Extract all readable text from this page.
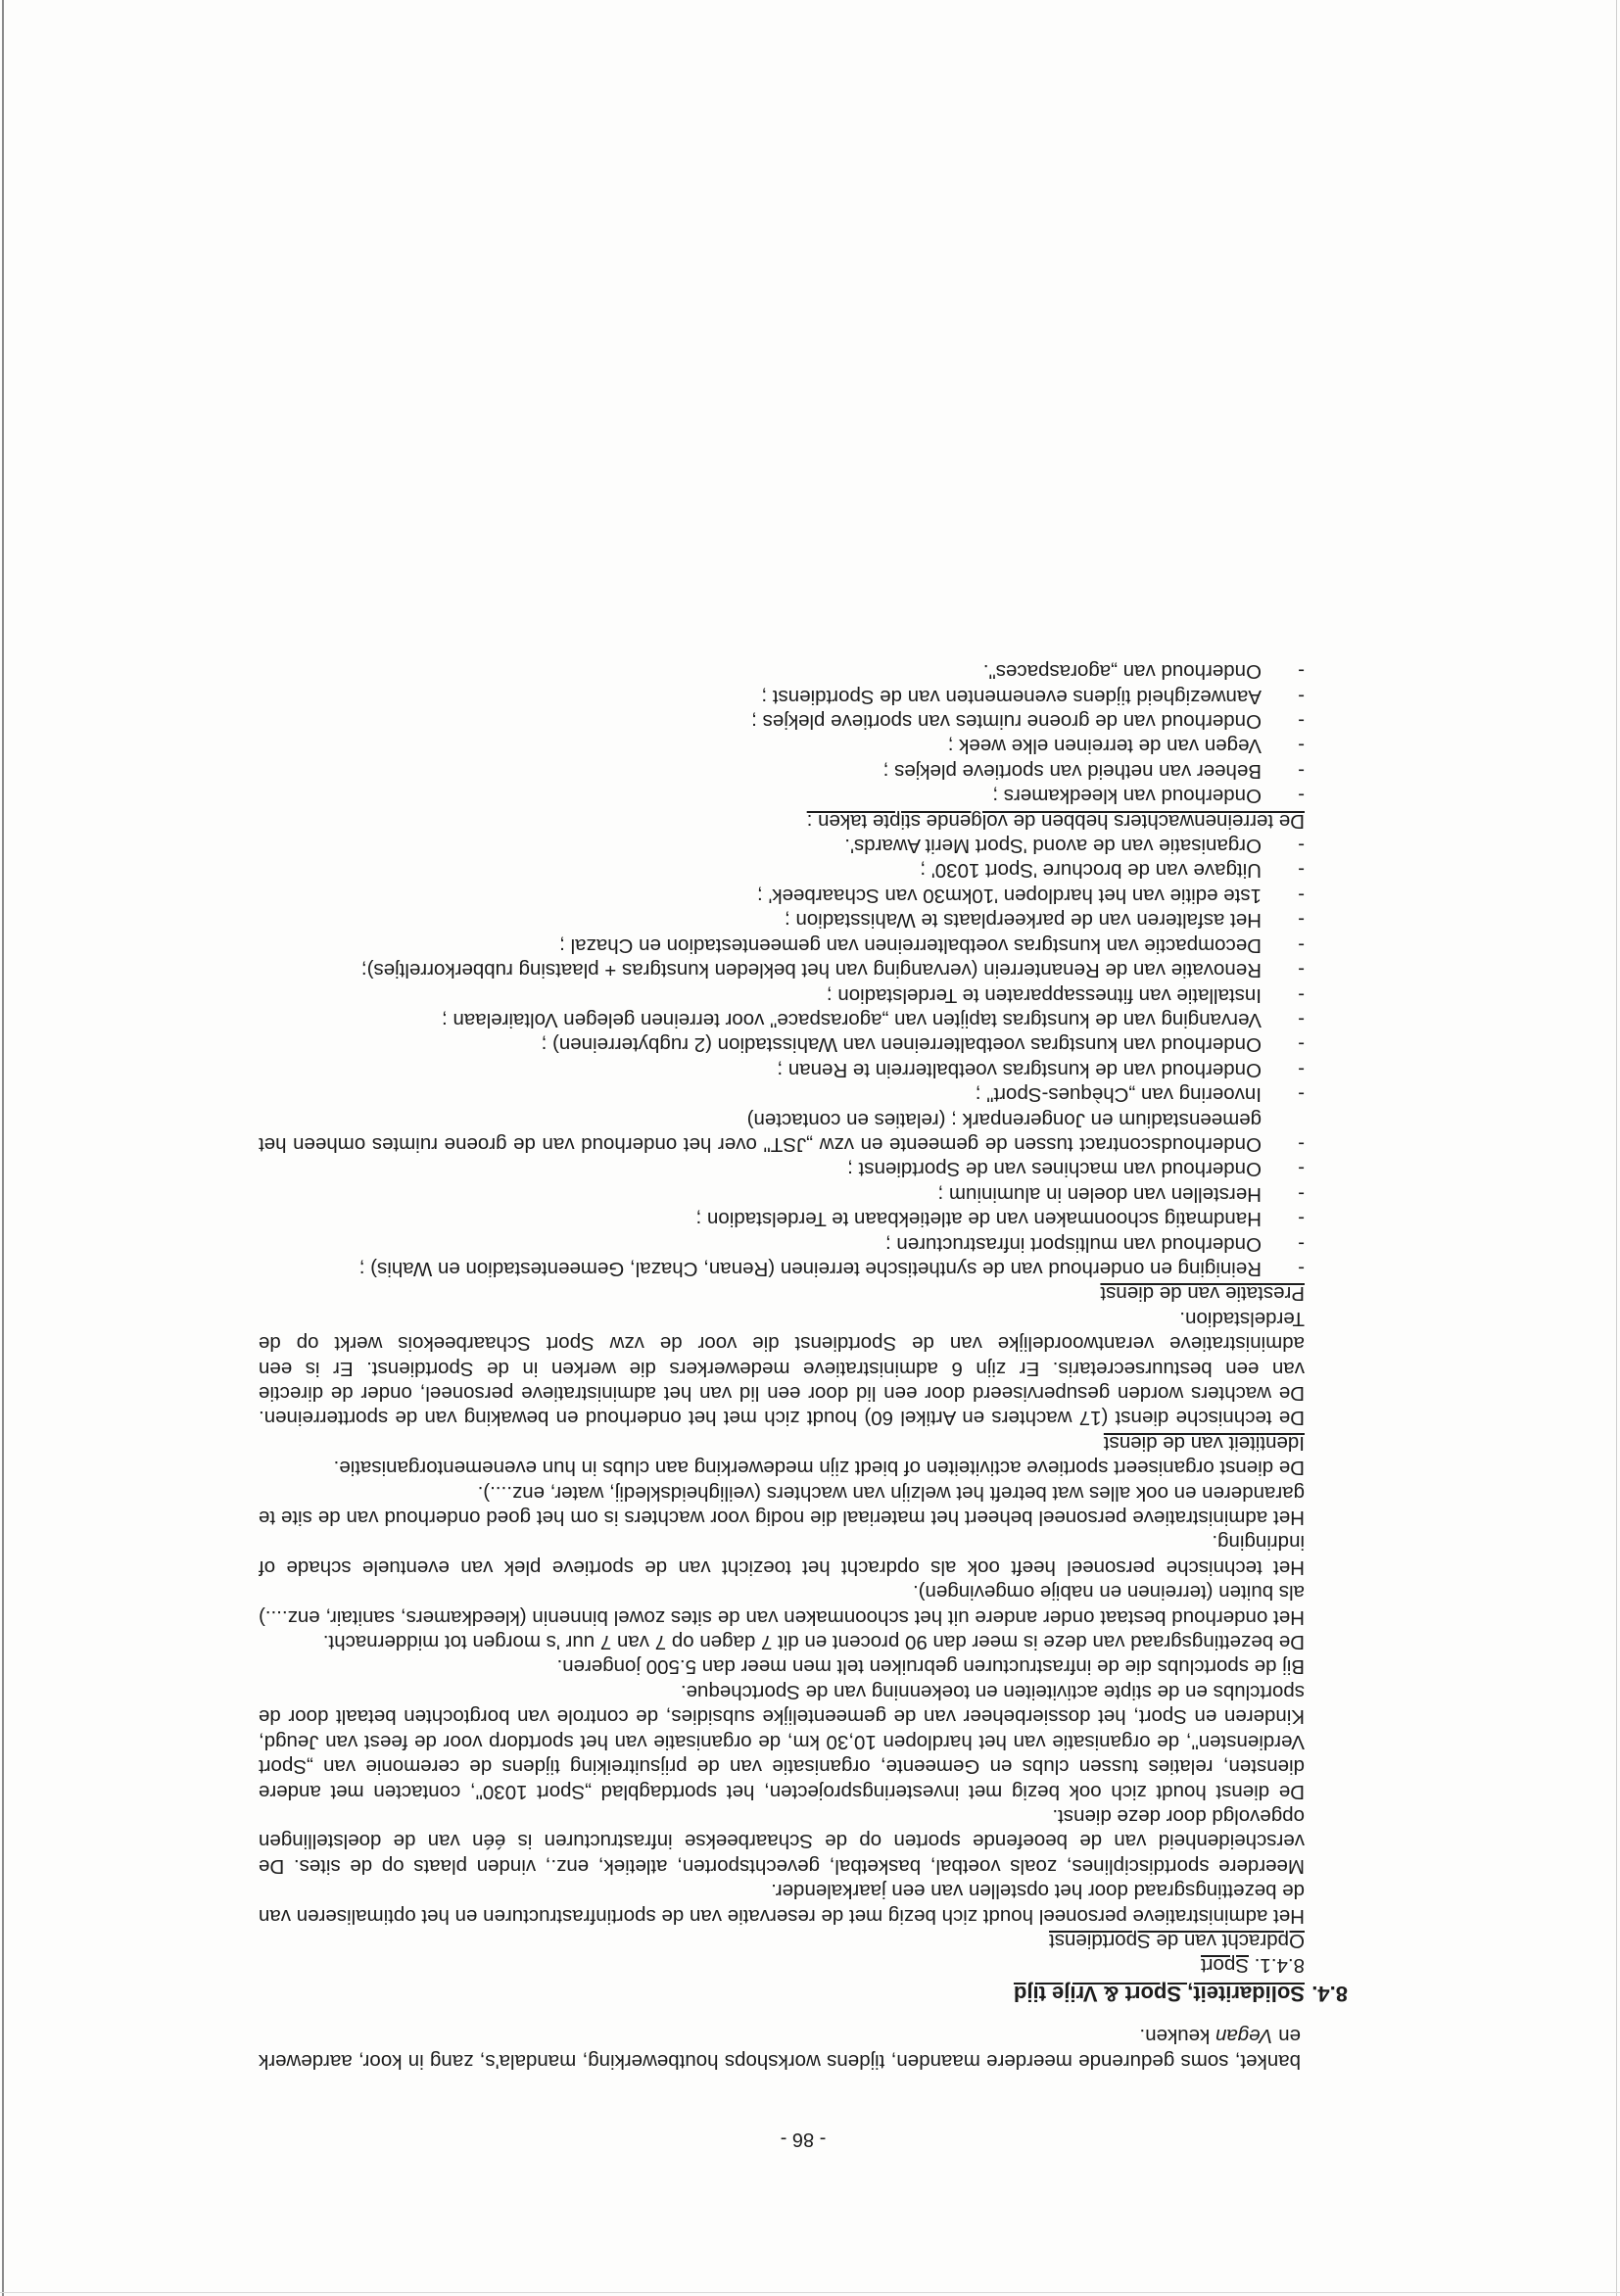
- 86 -

banket, soms gedurende meerdere maanden, tijdens workshops houtbewerking, mandala's, zang in koor, aardewerk en Vegan keuken.

8.4.
Solidariteit, Sport & Vrije tijd
8.4.1. Sport

Opdracht van de Sportdienst

Het administratieve personeel houdt zich bezig met de reservatie van de sportinfrastructuren en het optimaliseren van de bezettingsgraad door het opstellen van een jaarkalender.

Meerdere sportdisciplines, zoals voetbal, basketbal, gevechtsporten, atletiek, enz., vinden plaats op de sites. De verscheidenheid van de beoefende sporten op de Schaarbeekse infrastructuren is één van de doelstellingen opgevolgd door deze dienst.

De dienst houdt zich ook bezig met investeringsprojecten, het sportdagblad „Sport 1030", contacten met andere diensten, relaties tussen clubs en Gemeente, organisatie van de prijsuitreiking tijdens de ceremonie van „Sport Verdiensten", de organisatie van het hardlopen 10,30 km, de organisatie van het sportdorp voor de feest van Jeugd, Kinderen en Sport, het dossierbeheer van de gemeentelijke subsidies, de controle van borgtochten betaalt door de sportclubs en de stipte activiteiten en toekenning van de Sportcheque.

Bij de sportclubs die de infrastructuren gebruiken telt men meer dan 5.500 jongeren.

De bezettingsgraad van deze is meer dan 90 procent en dit 7 dagen op 7 van 7 uur 's morgen tot middernacht.

Het onderhoud bestaat onder andere uit het schoonmaken van de sites zowel binnenin (kleedkamers, sanitair, enz....) als buiten (terreinen en nabije omgevingen).

Het technische personeel heeft ook als opdracht het toezicht van de sportieve plek van eventuele schade of indringing.

Het administratieve personeel beheert het materiaal die nodig voor wachters is om het goed onderhoud van de site te garanderen en ook alles wat betreft het welzijn van wachters (veiligheidskledij, water, enz....).

De dienst organiseert sportieve activiteiten of biedt zijn medewerking aan clubs in hun evenementorganisatie.

Identiteit van de dienst

De technische dienst (17 wachters en Artikel 60) houdt zich met het onderhoud en bewaking van de sportterreinen. De wachters worden gesuperviseerd door een lid door een lid van het administratieve personeel, onder de directie van een bestuursecretaris. Er zijn 6 administratieve medewerkers die werken in de Sportdienst. Er is een administratieve verantwoordelijke van de Sportdienst die voor de vzw Sport Schaarbeekois werkt op de Terdelstadion.

Prestatie van de dienst

- Reiniging en onderhoud van de synthetische terreinen (Renan, Chazal, Gemeentestadion en Wahis) ;
- Onderhoud van multisport infrastructuren ;
- Handmatig schoonmaken van de atletiekbaan te Terdelstadion ;
- Herstellen van doelen in aluminium ;
- Onderhoud van machines van de Sportdienst ;
- Onderhoudscontract tussen de gemeente en vzw „JST" over het onderhoud van de groene ruimtes omheen het gemeenstadium en Jongerenpark ; (relaties en contacten)
- Invoering van „Chèques-Sport" ;
- Onderhoud van de kunstgras voetbalterrein te Renan ;
- Onderhoud van kunstgras voetbalterreinen van Wahisstadion (2 rugbyterreinen) ;
- Vervanging van de kunstgras tapijten van „agoraspace" voor terreinen gelegen Voltairelaan ;
- Installatie van fitnessapparaten te Terdelstadion ;
- Renovatie van de Renanterrein (vervanging van het bekleden kunstgras + plaatsing rubberkorreltjes);
- Decompactie van kunstgras voetbalterreinen van gemeentestadion en Chazal ;
- Het asfalteren van de parkeerplaats te Wahisstadion ;
- 1ste editie van het hardlopen '10km30 van Schaarbeek' ;
- Uitgave van de brochure 'Sport 1030' ;
- Organisatie van de avond 'Sport Merit Awards'.

De terreinenwachters hebben de volgende stipte taken :

- Onderhoud van kleedkamers ;
- Beheer van netheid van sportieve plekjes ;
- Vegen van de terreinen elke week ;
- Onderhoud van de groene ruimtes van sportieve plekjes ;
- Aanwezigheid tijdens evenementen van de Sportdienst ;
- Onderhoud van „agoraspaces".
